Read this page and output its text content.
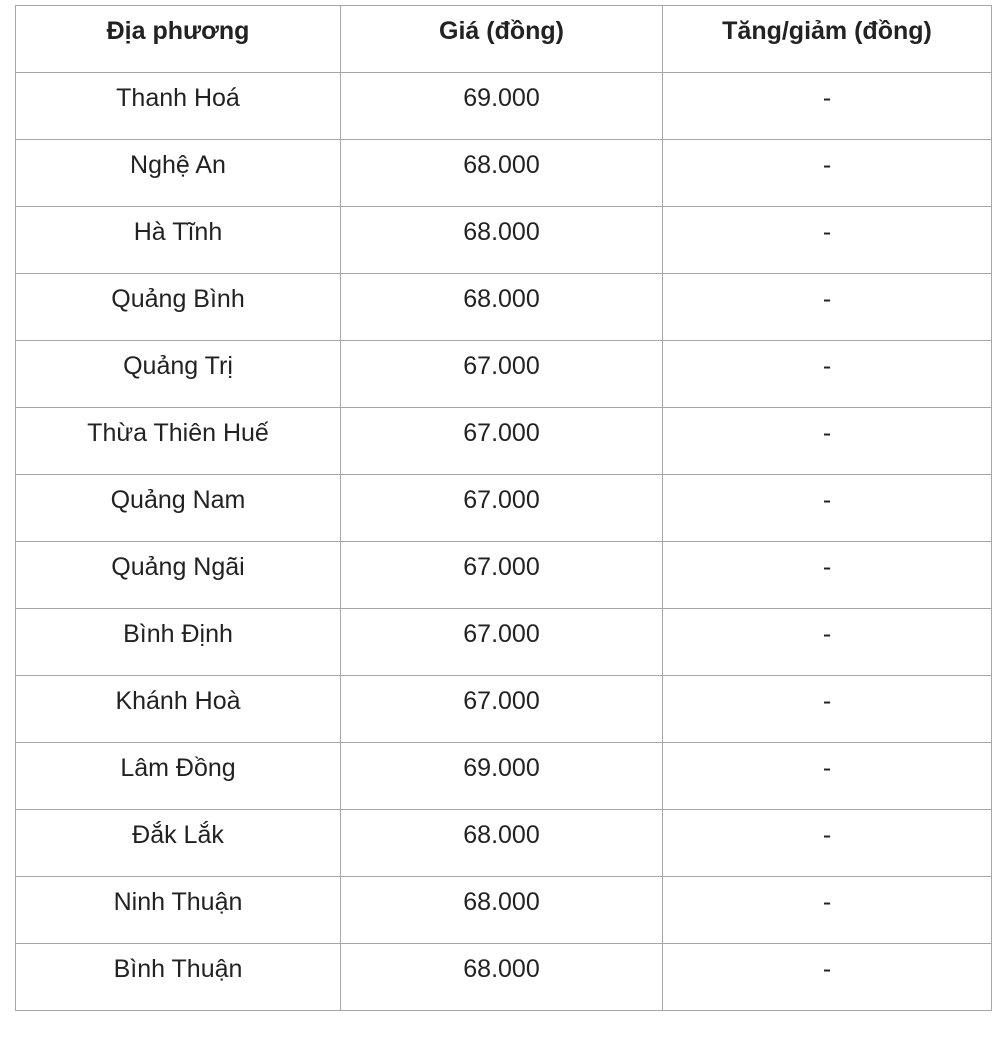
Địa phương	Giá (đồng)	Tăng/giảm (đồng)
Thanh Hoá	69.000	-
Nghệ An	68.000	-
Hà Tĩnh	68.000	-
Quảng Bình	68.000	-
Quảng Trị	67.000	-
Thừa Thiên Huế	67.000	-
Quảng Nam	67.000	-
Quảng Ngãi	67.000	-
Bình Định	67.000	-
Khánh Hoà	67.000	-
Lâm Đồng	69.000	-
Đắk Lắk	68.000	-
Ninh Thuận	68.000	-
Bình Thuận	68.000	-
